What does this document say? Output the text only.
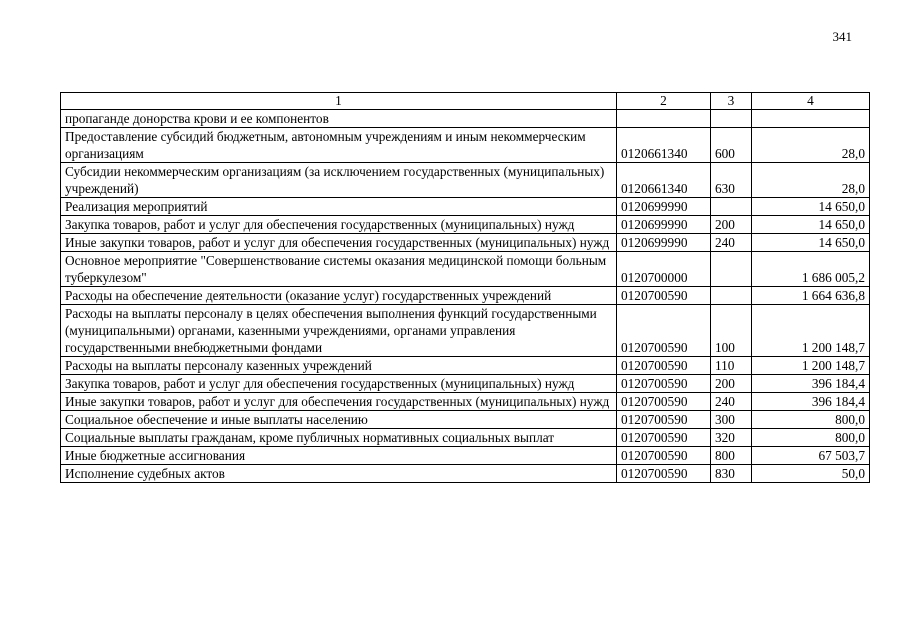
341
1	2	3	4
пропаганде донорства крови и ее компонентов			
Предоставление субсидий бюджетным, автономным учреждениям и иным некоммерческим организациям	0120661340	600	28,0
Субсидии некоммерческим организациям (за исключением государственных (муниципальных) учреждений)	0120661340	630	28,0
Реализация мероприятий	0120699990		14 650,0
Закупка товаров, работ и услуг для обеспечения государственных (муниципальных) нужд	0120699990	200	14 650,0
Иные закупки товаров, работ и услуг для обеспечения государственных (муниципальных) нужд	0120699990	240	14 650,0
Основное мероприятие "Совершенствование системы оказания медицинской помощи больным туберкулезом"	0120700000		1 686 005,2
Расходы на обеспечение деятельности (оказание услуг) государственных учреждений	0120700590		1 664 636,8
Расходы на выплаты персоналу в целях обеспечения выполнения функций государственными (муниципальными) органами, казенными учреждениями, органами управления государственными внебюджетными фондами	0120700590	100	1 200 148,7
Расходы на выплаты персоналу казенных учреждений	0120700590	110	1 200 148,7
Закупка товаров, работ и услуг для обеспечения государственных (муниципальных) нужд	0120700590	200	396 184,4
Иные закупки товаров, работ и услуг для обеспечения государственных (муниципальных) нужд	0120700590	240	396 184,4
Социальное обеспечение и иные выплаты населению	0120700590	300	800,0
Социальные выплаты гражданам, кроме публичных нормативных социальных выплат	0120700590	320	800,0
Иные бюджетные ассигнования	0120700590	800	67 503,7
Исполнение судебных актов	0120700590	830	50,0
